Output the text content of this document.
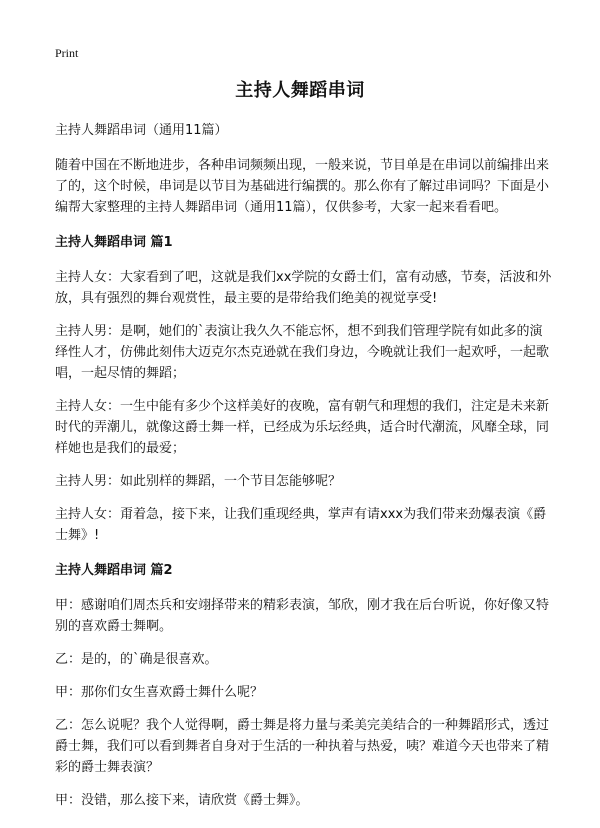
Print
主持人舞蹈串词

主持人舞蹈串词（通用11篇）

随着中国在不断地进步，各种串词频频出现，一般来说，节目单是在串词以前编排出来了的，这个时候，串词是以节目为基础进行编撰的。那么你有了解过串词吗？下面是小编帮大家整理的主持人舞蹈串词（通用11篇），仅供参考，大家一起来看看吧。

主持人舞蹈串词 篇1

主持人女：大家看到了吧，这就是我们xx学院的女爵士们，富有动感，节奏，活波和外放，具有强烈的舞台观赏性，最主要的是带给我们绝美的视觉享受!

主持人男：是啊，她们的`表演让我久久不能忘怀，想不到我们管理学院有如此多的演绎性人才，仿佛此刻伟大迈克尔杰克逊就在我们身边，今晚就让我们一起欢呼，一起歌唱，一起尽情的舞蹈；

主持人女：一生中能有多少个这样美好的夜晚，富有朝气和理想的我们，注定是未来新时代的弄潮儿，就像这爵士舞一样，已经成为乐坛经典，适合时代潮流，风靡全球，同样她也是我们的最爱；

主持人男：如此别样的舞蹈，一个节目怎能够呢？

主持人女：甭着急，接下来，让我们重现经典，掌声有请xxx为我们带来劲爆表演《爵士舞》!

主持人舞蹈串词 篇2

甲：感谢咱们周杰兵和安翊择带来的精彩表演，邹欣，刚才我在后台听说，你好像又特别的喜欢爵士舞啊。

乙：是的，的`确是很喜欢。

甲：那你们女生喜欢爵士舞什么呢？

乙：怎么说呢？我个人觉得啊，爵士舞是将力量与柔美完美结合的一种舞蹈形式，透过爵士舞，我们可以看到舞者自身对于生活的一种执着与热爱，咦？难道今天也带来了精彩的爵士舞表演？

甲：没错，那么接下来，请欣赏《爵士舞》。
